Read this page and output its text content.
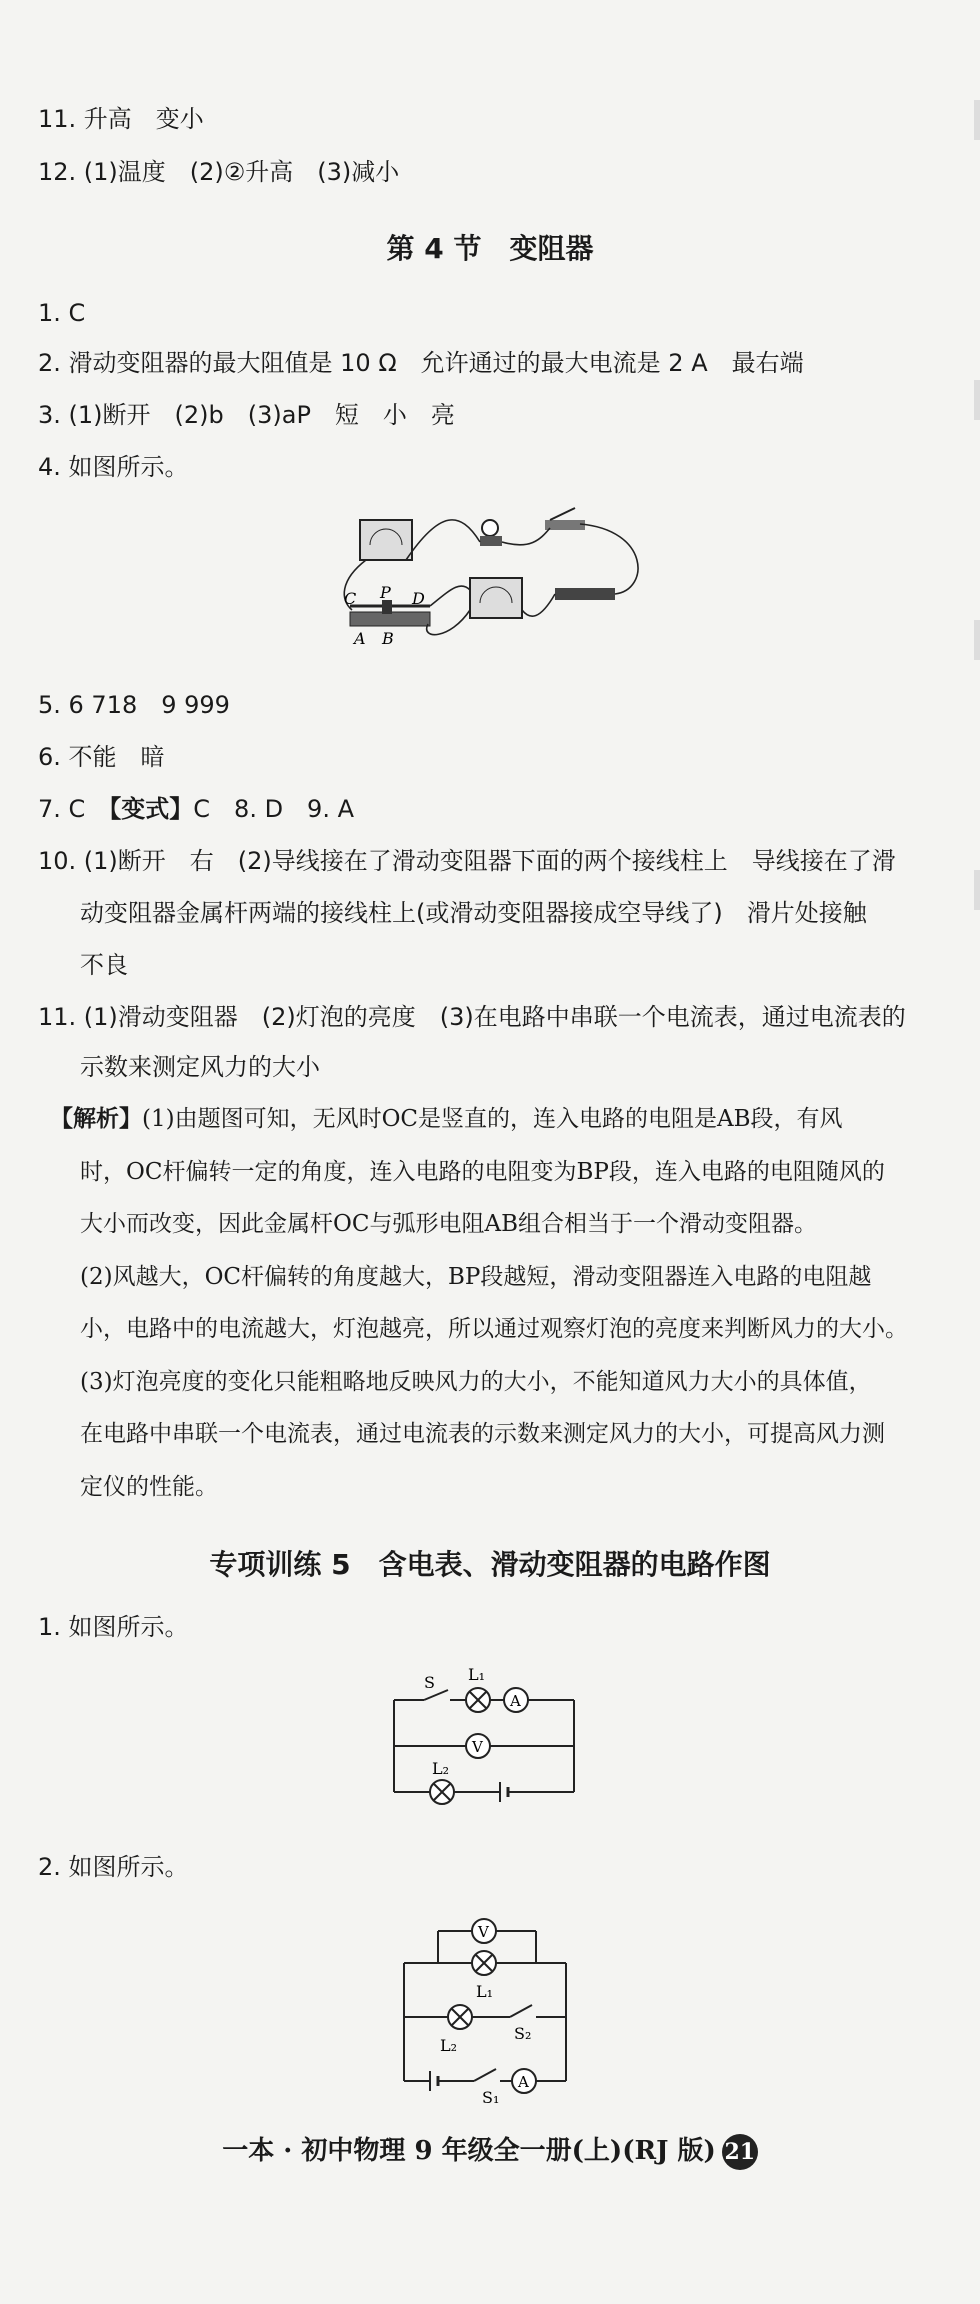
11. 升高　变小
12. (1)温度　(2)②升高　(3)减小
第 4 节　变阻器
1. C
2. 滑动变阻器的最大阻值是 10 Ω　允许通过的最大电流是 2 A　最右端
3. (1)断开　(2)b　(3)aP　短　小　亮
4. 如图所示。
C P D
A B
5. 6 718　9 999
6. 不能　暗
7. C　【变式】C　8. D　9. A
10. (1)断开　右　(2)导线接在了滑动变阻器下面的两个接线柱上　导线接在了滑
动变阻器金属杆两端的接线柱上(或滑动变阻器接成空导线了)　滑片处接触
不良
11. (1)滑动变阻器　(2)灯泡的亮度　(3)在电路中串联一个电流表，通过电流表的
示数来测定风力的大小
【解析】(1)由题图可知，无风时OC是竖直的，连入电路的电阻是AB段，有风
时，OC杆偏转一定的角度，连入电路的电阻变为BP段，连入电路的电阻随风的
大小而改变，因此金属杆OC与弧形电阻AB组合相当于一个滑动变阻器。
(2)风越大，OC杆偏转的角度越大，BP段越短，滑动变阻器连入电路的电阻越
小，电路中的电流越大，灯泡越亮，所以通过观察灯泡的亮度来判断风力的大小。
(3)灯泡亮度的变化只能粗略地反映风力的大小，不能知道风力大小的具体值，
在电路中串联一个电流表，通过电流表的示数来测定风力的大小，可提高风力测
定仪的性能。
专项训练 5　含电表、滑动变阻器的电路作图
1. 如图所示。
S L₁
A
V
L₂
2. 如图所示。
V
L₁
S₂
L₂
S₁
A
一本 · 初中物理 9 年级全一册(上)(RJ 版) 21
